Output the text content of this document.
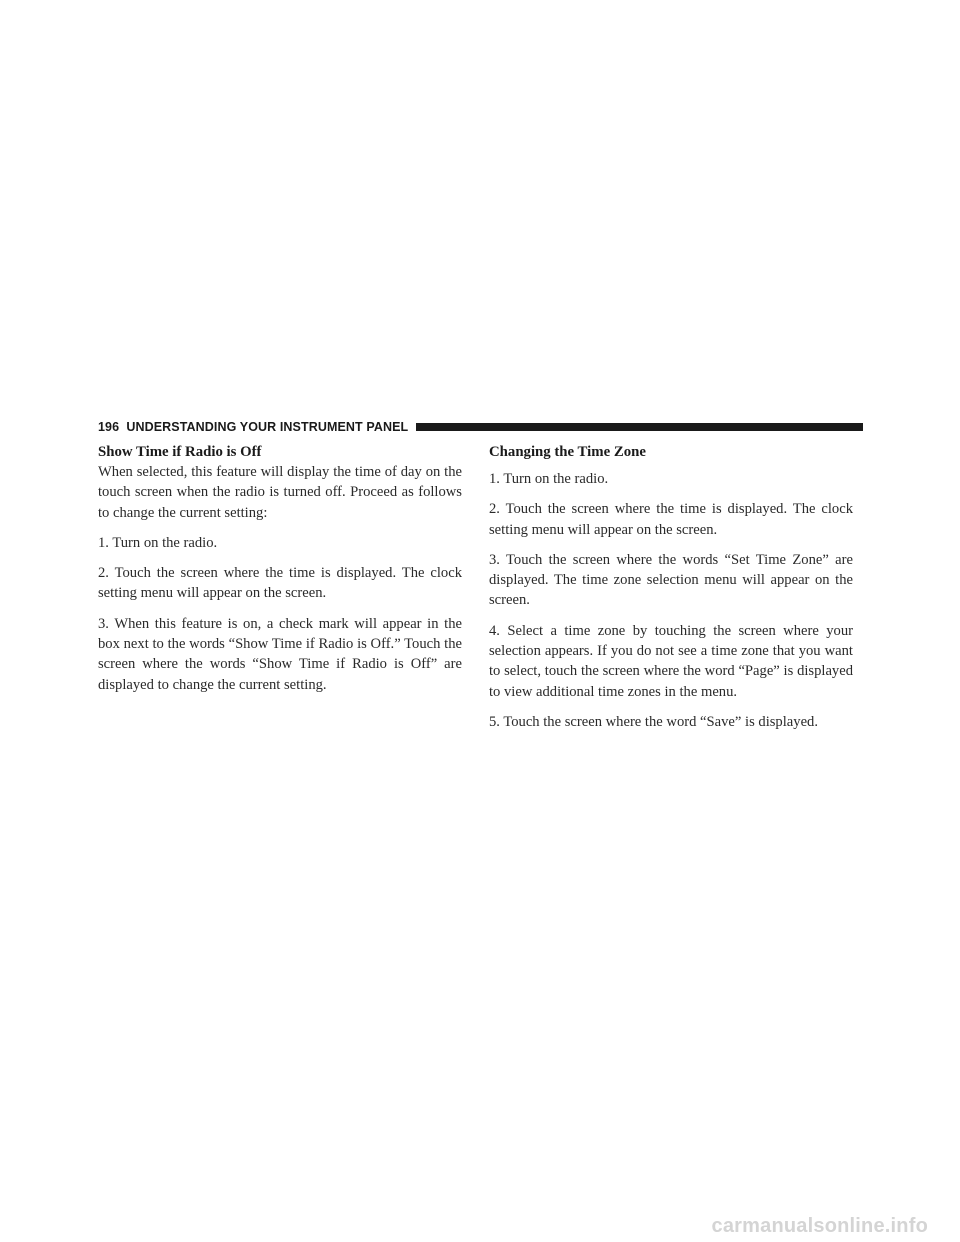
196 UNDERSTANDING YOUR INSTRUMENT PANEL
Show Time if Radio is Off

When selected, this feature will display the time of day on the touch screen when the radio is turned off. Proceed as follows to change the current setting:

1. Turn on the radio.

2. Touch the screen where the time is displayed. The clock setting menu will appear on the screen.

3. When this feature is on, a check mark will appear in the box next to the words “Show Time if Radio is Off.” Touch the screen where the words “Show Time if Radio is Off” are displayed to change the current setting.

Changing the Time Zone

1. Turn on the radio.

2. Touch the screen where the time is displayed. The clock setting menu will appear on the screen.

3. Touch the screen where the words “Set Time Zone” are displayed. The time zone selection menu will appear on the screen.

4. Select a time zone by touching the screen where your selection appears. If you do not see a time zone that you want to select, touch the screen where the word “Page” is displayed to view additional time zones in the menu.

5. Touch the screen where the word “Save” is displayed.

carmanualsonline.info
